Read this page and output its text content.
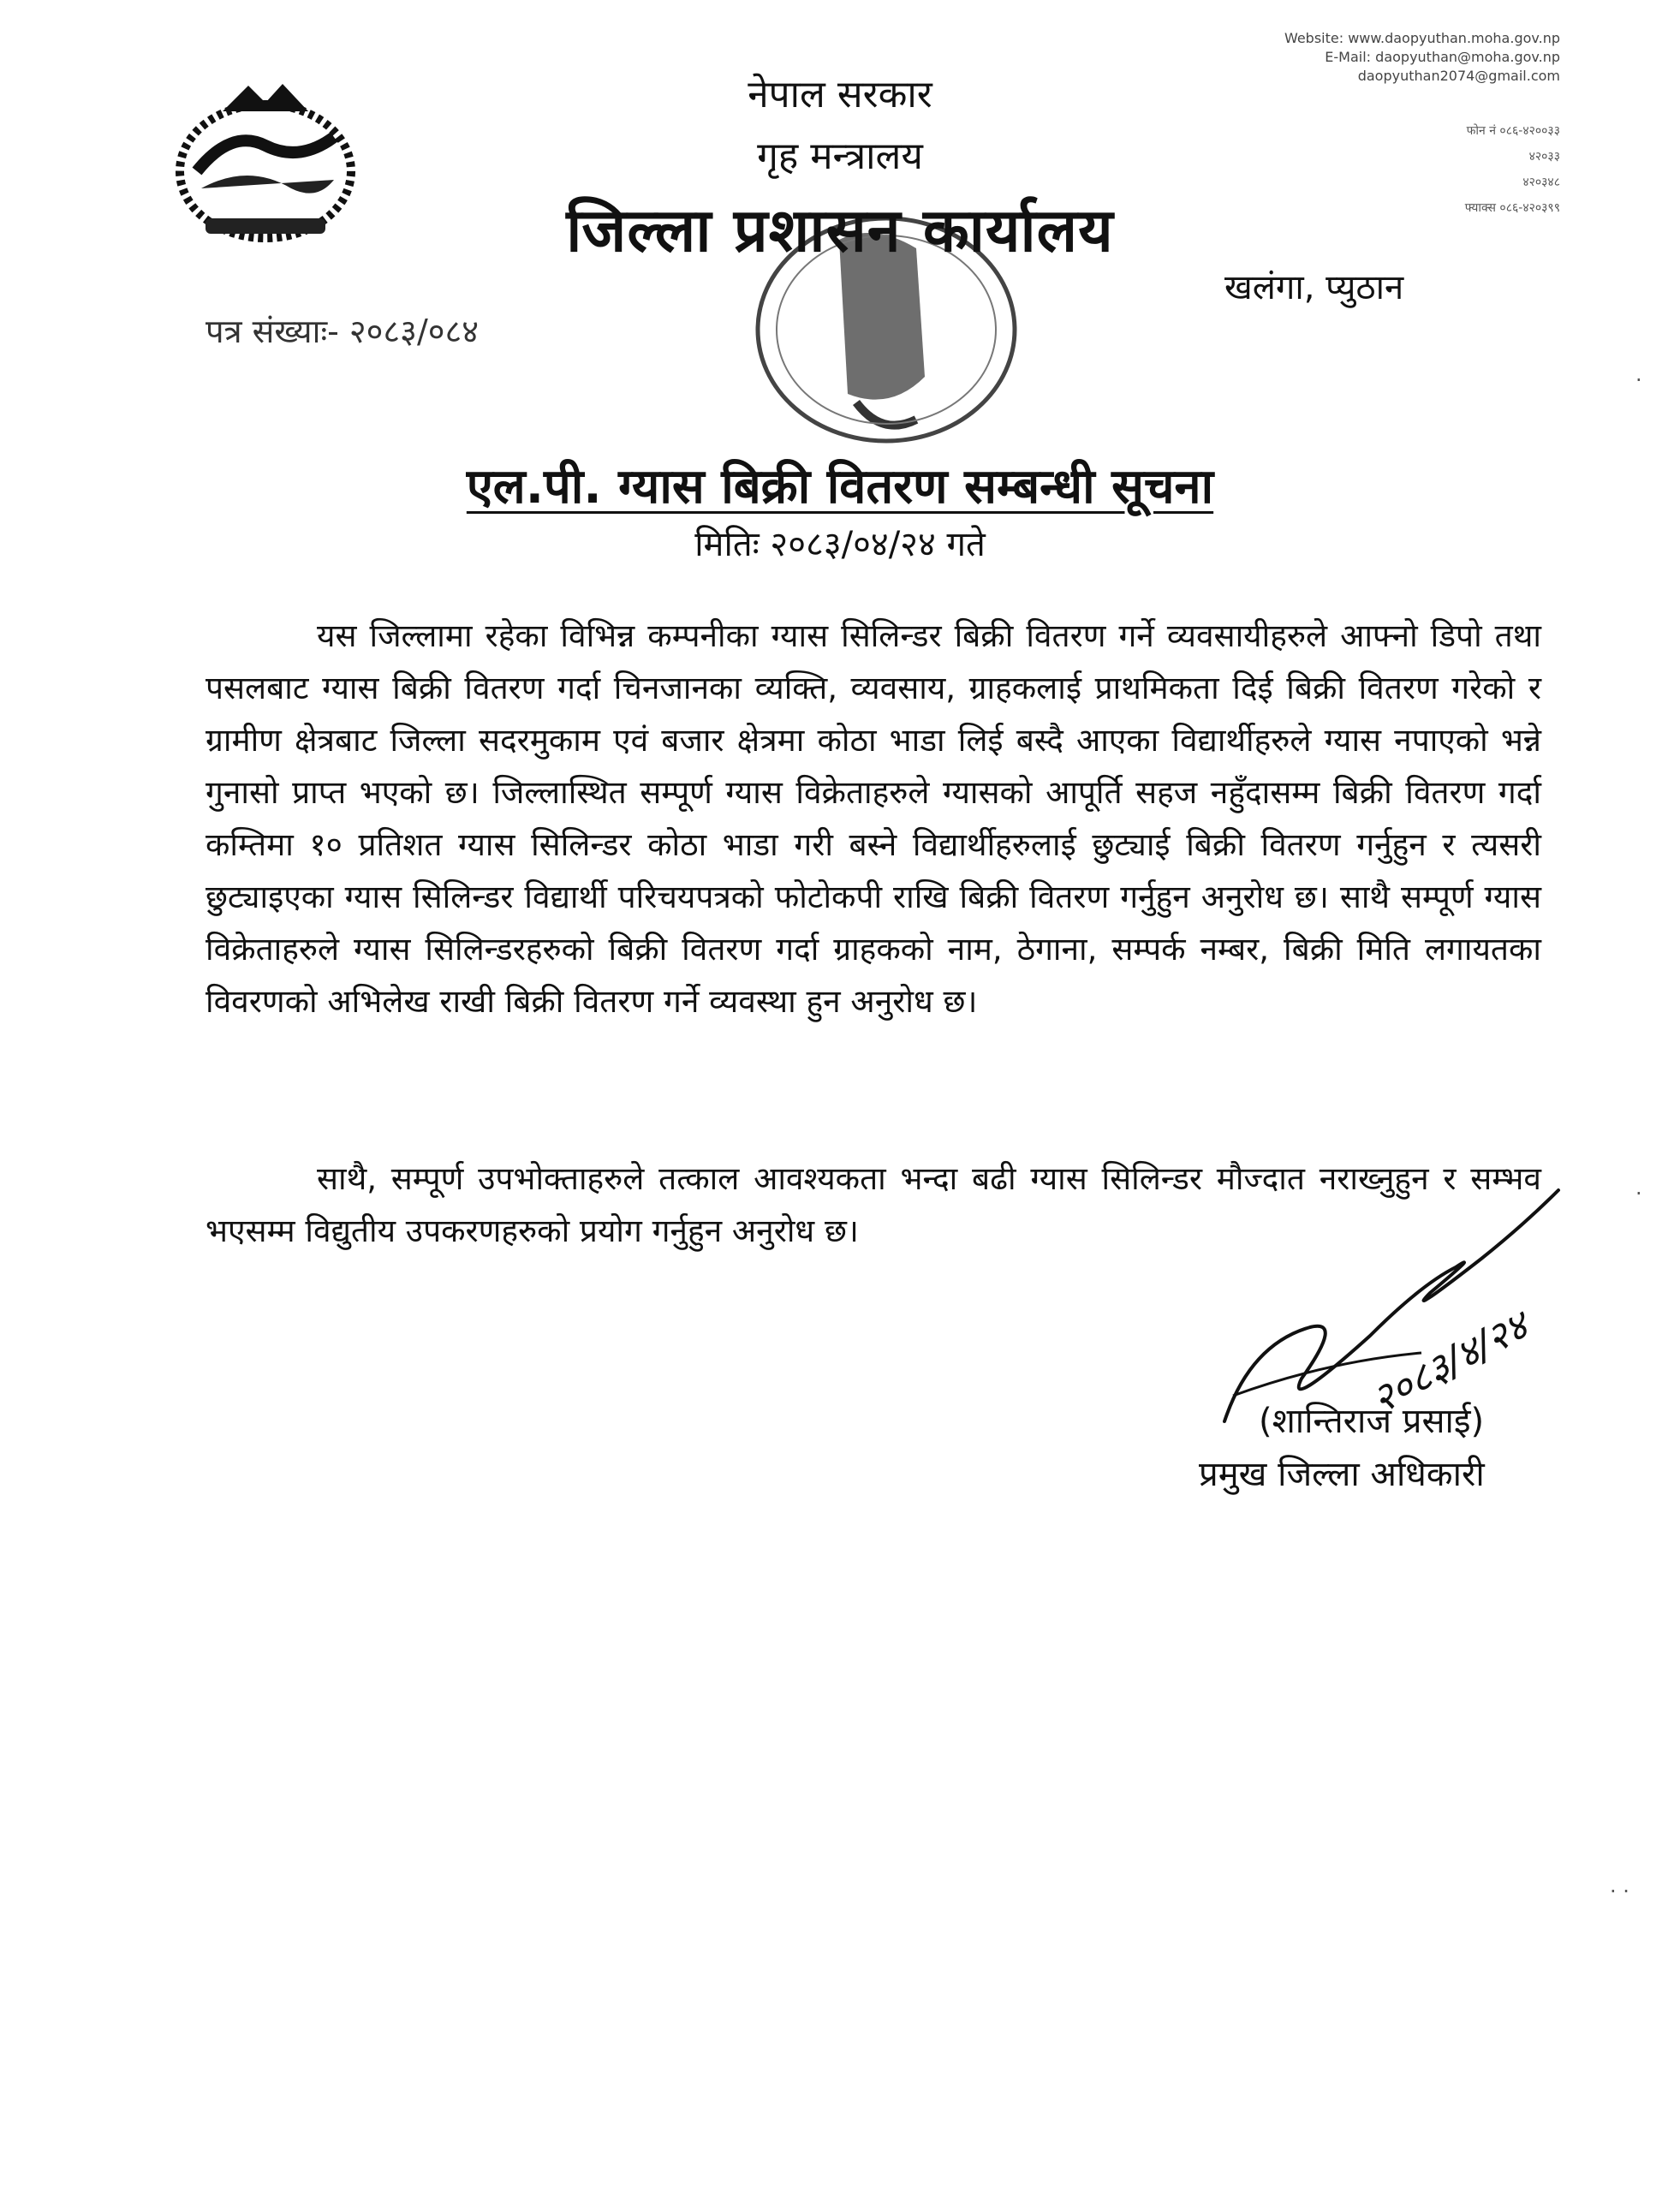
Website: www.daopyuthan.moha.gov.np
E-Mail: daopyuthan@moha.gov.np
daopyuthan2074@gmail.com
फोन नं ०८६-४२००३३
४२०३३
४२०३४८
फ्याक्स ०८६-४२०३९९
नेपाल सरकार
गृह मन्त्रालय
जिल्ला प्रशासन कार्यालय
खलंगा, प्युठान
पत्र संख्याः- २०८३/०८४
एल.पी. ग्यास बिक्री वितरण सम्बन्धी सूचना
मितिः २०८३/०४/२४ गते

यस जिल्लामा रहेका विभिन्न कम्पनीका ग्यास सिलिन्डर बिक्री वितरण गर्ने व्यवसायीहरुले आफ्नो डिपो तथा पसलबाट ग्यास बिक्री वितरण गर्दा चिनजानका व्यक्ति, व्यवसाय, ग्राहकलाई प्राथमिकता दिई बिक्री वितरण गरेको र ग्रामीण क्षेत्रबाट जिल्ला सदरमुकाम एवं बजार क्षेत्रमा कोठा भाडा लिई बस्दै आएका विद्यार्थीहरुले ग्यास नपाएको भन्ने गुनासो प्राप्त भएको छ। जिल्लास्थित सम्पूर्ण ग्यास विक्रेताहरुले ग्यासको आपूर्ति सहज नहुँदासम्म बिक्री वितरण गर्दा कम्तिमा १० प्रतिशत ग्यास सिलिन्डर कोठा भाडा गरी बस्ने विद्यार्थीहरुलाई छुट्याई बिक्री वितरण गर्नुहुन र त्यसरी छुट्याइएका ग्यास सिलिन्डर विद्यार्थी परिचयपत्रको फोटोकपी राखि बिक्री वितरण गर्नुहुन अनुरोध छ। साथै सम्पूर्ण ग्यास विक्रेताहरुले ग्यास सिलिन्डरहरुको बिक्री वितरण गर्दा ग्राहकको नाम, ठेगाना, सम्पर्क नम्बर, बिक्री मिति लगायतका विवरणको अभिलेख राखी बिक्री वितरण गर्ने व्यवस्था हुन अनुरोध छ।

साथै, सम्पूर्ण उपभोक्ताहरुले तत्काल आवश्यकता भन्दा बढी ग्यास सिलिन्डर मौज्दात नराख्नुहुन र सम्भव भएसम्म विद्युतीय उपकरणहरुको प्रयोग गर्नुहुन अनुरोध छ।

२०८३/४/२४
(शान्तिराज प्रसाई)
प्रमुख जिल्ला अधिकारी
·
·
· ·
